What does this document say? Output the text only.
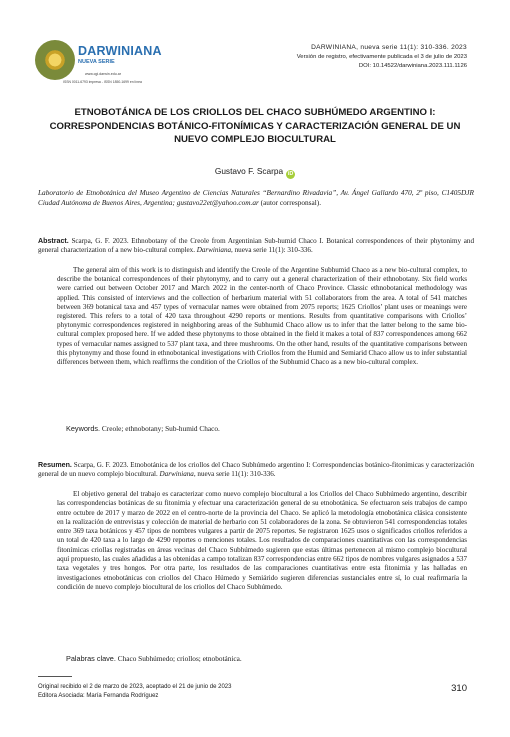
DARWINIANA
NUEVA SERIE
www.cgi.darwin.edu.ar
ISSN 0011-6793 impresa - ISSN 1850-1699 en línea
DARWINIANA, nueva serie 11(1): 310-336. 2023
Versión de registro, efectivamente publicada el 3 de julio de 2023
DOI: 10.14522/darwiniana.2023.111.1126
ETNOBOTÁNICA DE LOS CRIOLLOS DEL CHACO SUBHÚMEDO ARGENTINO I: CORRESPONDENCIAS BOTÁNICO-FITONÍMICAS Y CARACTERIZACIÓN GENERAL DE UN NUEVO COMPLEJO BIOCULTURAL
Gustavo F. Scarpa iD
Laboratorio de Etnobotánica del Museo Argentino de Ciencias Naturales “Bernardino Rivadavia”, Av. Ángel Gallardo 470, 2º piso, C1405DJR Ciudad Autónoma de Buenos Aires, Argentina; gustavo22et@yahoo.com.ar (autor corresponsal).
Abstract. Scarpa, G. F. 2023. Ethnobotany of the Creole from Argentinian Sub-humid Chaco I. Botanical correspondences of their phytonimy and general characterization of a new bio-cultural complex. Darwiniana, nueva serie 11(1): 310-336.
The general aim of this work is to distinguish and identify the Creole of the Argentine Subhumid Chaco as a new bio-cultural complex, to describe the botanical correspondences of their phytonymy, and to carry out a general characterization of their ethnobotany. Six field works were carried out between October 2017 and March 2022 in the center-north of Chaco Province. Classic ethnobotanical methodology was applied. This consisted of interviews and the collection of herbarium material with 51 collaborators from the area. A total of 541 matches between 369 botanical taxa and 457 types of vernacular names were obtained from 2075 reports; 1625 Criollos’ plant uses or meanings were registered. This refers to a total of 420 taxa throughout 4290 reports or mentions. Results from quantitative comparisons with Criollos’ phytonymic correspondences registered in neighboring areas of the Subhumid Chaco allow us to infer that the latter belong to the same bio-cultural complex proposed here. If we added these phytonyms to those obtained in the field it makes a total of 837 correspondences among 662 types of vernacular names assigned to 537 plant taxa, and three mushrooms. On the other hand, results of the quantitative comparisons between this phytonymy and those found in ethnobotanical investigations with Criollos from the Humid and Semiarid Chaco allow us to infer substantial differences between them, which reaffirms the condition of the Criollos of the Subhumid Chaco as a new bio-cultural complex.
Keywords. Creole; ethnobotany; Sub-humid Chaco.
Resumen. Scarpa, G. F. 2023. Etnobotánica de los criollos del Chaco Subhúmedo argentino I: Correspondencias botánico-fitonímicas y caracterización general de un nuevo complejo biocultural. Darwiniana, nueva serie 11(1): 310-336.
El objetivo general del trabajo es caracterizar como nuevo complejo biocultural a los Criollos del Chaco Subhúmedo argentino, describir las correspondencias botánicas de su fitonimia y efectuar una caracterización general de su etnobotánica. Se efectuaron seis trabajos de campo entre octubre de 2017 y marzo de 2022 en el centro-norte de la provincia del Chaco. Se aplicó la metodología etnobotánica clásica consistente en la realización de entrevistas y colección de material de herbario con 51 colaboradores de la zona. Se obtuvieron 541 correspondencias totales entre 369 taxa botánicos y 457 tipos de nombres vulgares a partir de 2075 reportes. Se registraron 1625 usos o significados criollos referidos a un total de 420 taxa a lo largo de 4290 reportes o menciones totales. Los resultados de comparaciones cuantitativas con las correspondencias fitonímicas criollas registradas en áreas vecinas del Chaco Subhúmedo sugieren que estas últimas pertenecen al mismo complejo biocultural aquí propuesto, las cuales añadidas a las obtenidas a campo totalizan 837 correspondencias entre 662 tipos de nombres vulgares asignados a 537 taxa vegetales y tres hongos. Por otra parte, los resultados de las comparaciones cuantitativas entre esta fitonimia y las halladas en investigaciones etnobotánicas con criollos del Chaco Húmedo y Semiárido sugieren diferencias sustanciales entre sí, lo cual reafirmaría la condición de nuevo complejo biocultural de los criollos del Chaco Subhúmedo.
Palabras clave. Chaco Subhúmedo; criollos; etnobotánica.
Original recibido el 2 de marzo de 2023, aceptado el 21 de junio de 2023
Editora Asociada: María Fernanda Rodríguez
310
